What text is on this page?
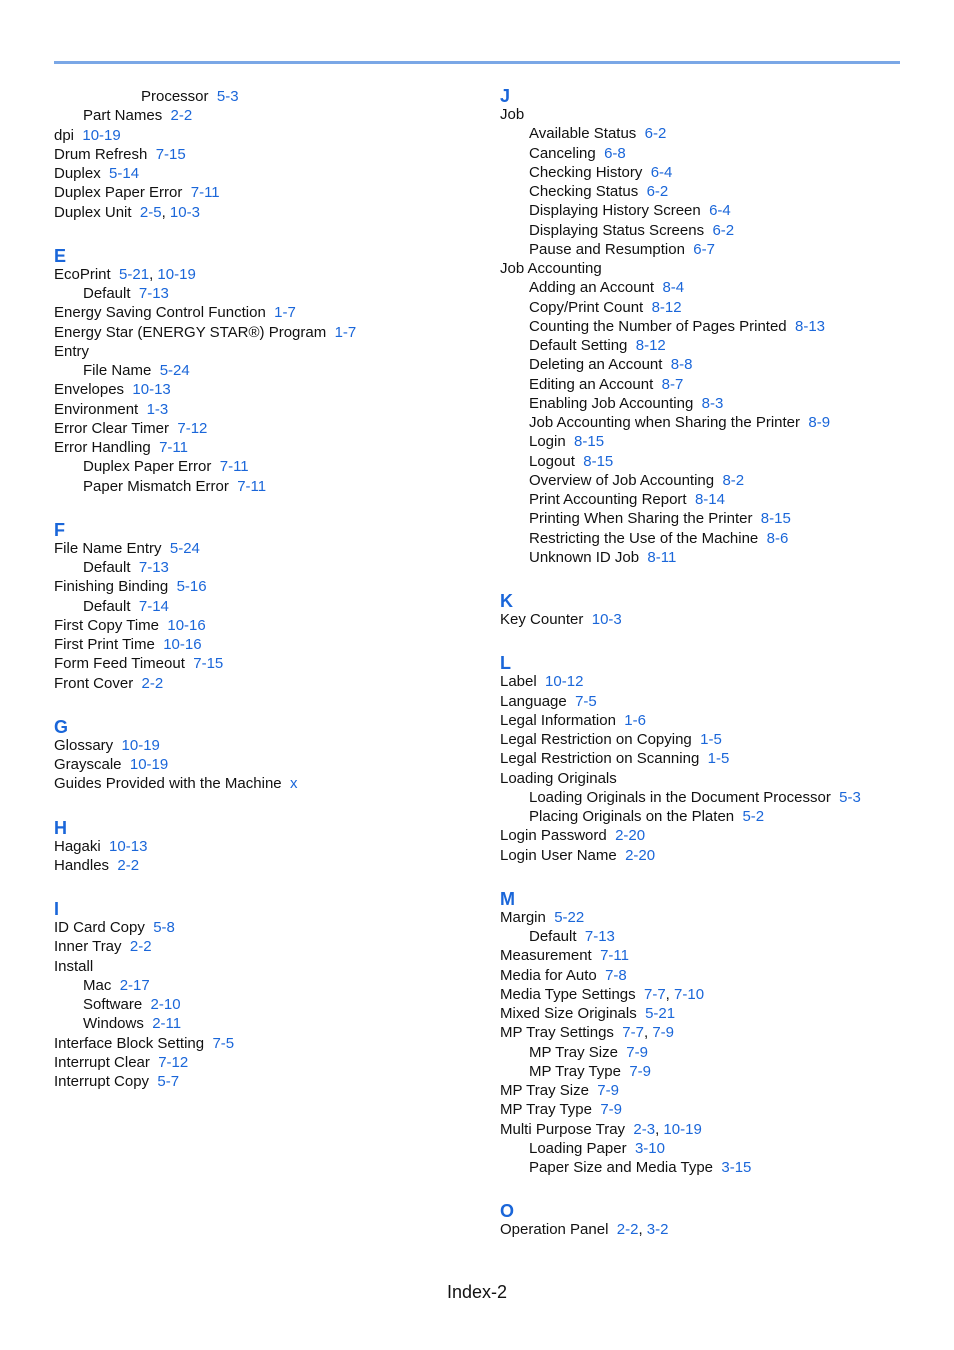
Processor 5-3
Part Names 2-2
dpi 10-19
Drum Refresh 7-15
Duplex 5-14
Duplex Paper Error 7-11
Duplex Unit 2-5, 10-3
E
EcoPrint 5-21, 10-19
Default 7-13
Energy Saving Control Function 1-7
Energy Star (ENERGY STAR®) Program 1-7
Entry
File Name 5-24
Envelopes 10-13
Environment 1-3
Error Clear Timer 7-12
Error Handling 7-11
Duplex Paper Error 7-11
Paper Mismatch Error 7-11
F
File Name Entry 5-24
Default 7-13
Finishing Binding 5-16
Default 7-14
First Copy Time 10-16
First Print Time 10-16
Form Feed Timeout 7-15
Front Cover 2-2
G
Glossary 10-19
Grayscale 10-19
Guides Provided with the Machine x
H
Hagaki 10-13
Handles 2-2
I
ID Card Copy 5-8
Inner Tray 2-2
Install
Mac 2-17
Software 2-10
Windows 2-11
Interface Block Setting 7-5
Interrupt Clear 7-12
Interrupt Copy 5-7
J
Job
Available Status 6-2
Canceling 6-8
Checking History 6-4
Checking Status 6-2
Displaying History Screen 6-4
Displaying Status Screens 6-2
Pause and Resumption 6-7
Job Accounting
Adding an Account 8-4
Copy/Print Count 8-12
Counting the Number of Pages Printed 8-13
Default Setting 8-12
Deleting an Account 8-8
Editing an Account 8-7
Enabling Job Accounting 8-3
Job Accounting when Sharing the Printer 8-9
Login 8-15
Logout 8-15
Overview of Job Accounting 8-2
Print Accounting Report 8-14
Printing When Sharing the Printer 8-15
Restricting the Use of the Machine 8-6
Unknown ID Job 8-11
K
Key Counter 10-3
L
Label 10-12
Language 7-5
Legal Information 1-6
Legal Restriction on Copying 1-5
Legal Restriction on Scanning 1-5
Loading Originals
Loading Originals in the Document Processor 5-3
Placing Originals on the Platen 5-2
Login Password 2-20
Login User Name 2-20
M
Margin 5-22
Default 7-13
Measurement 7-11
Media for Auto 7-8
Media Type Settings 7-7, 7-10
Mixed Size Originals 5-21
MP Tray Settings 7-7, 7-9
MP Tray Size 7-9
MP Tray Type 7-9
MP Tray Size 7-9
MP Tray Type 7-9
Multi Purpose Tray 2-3, 10-19
Loading Paper 3-10
Paper Size and Media Type 3-15
O
Operation Panel 2-2, 3-2
Index-2
